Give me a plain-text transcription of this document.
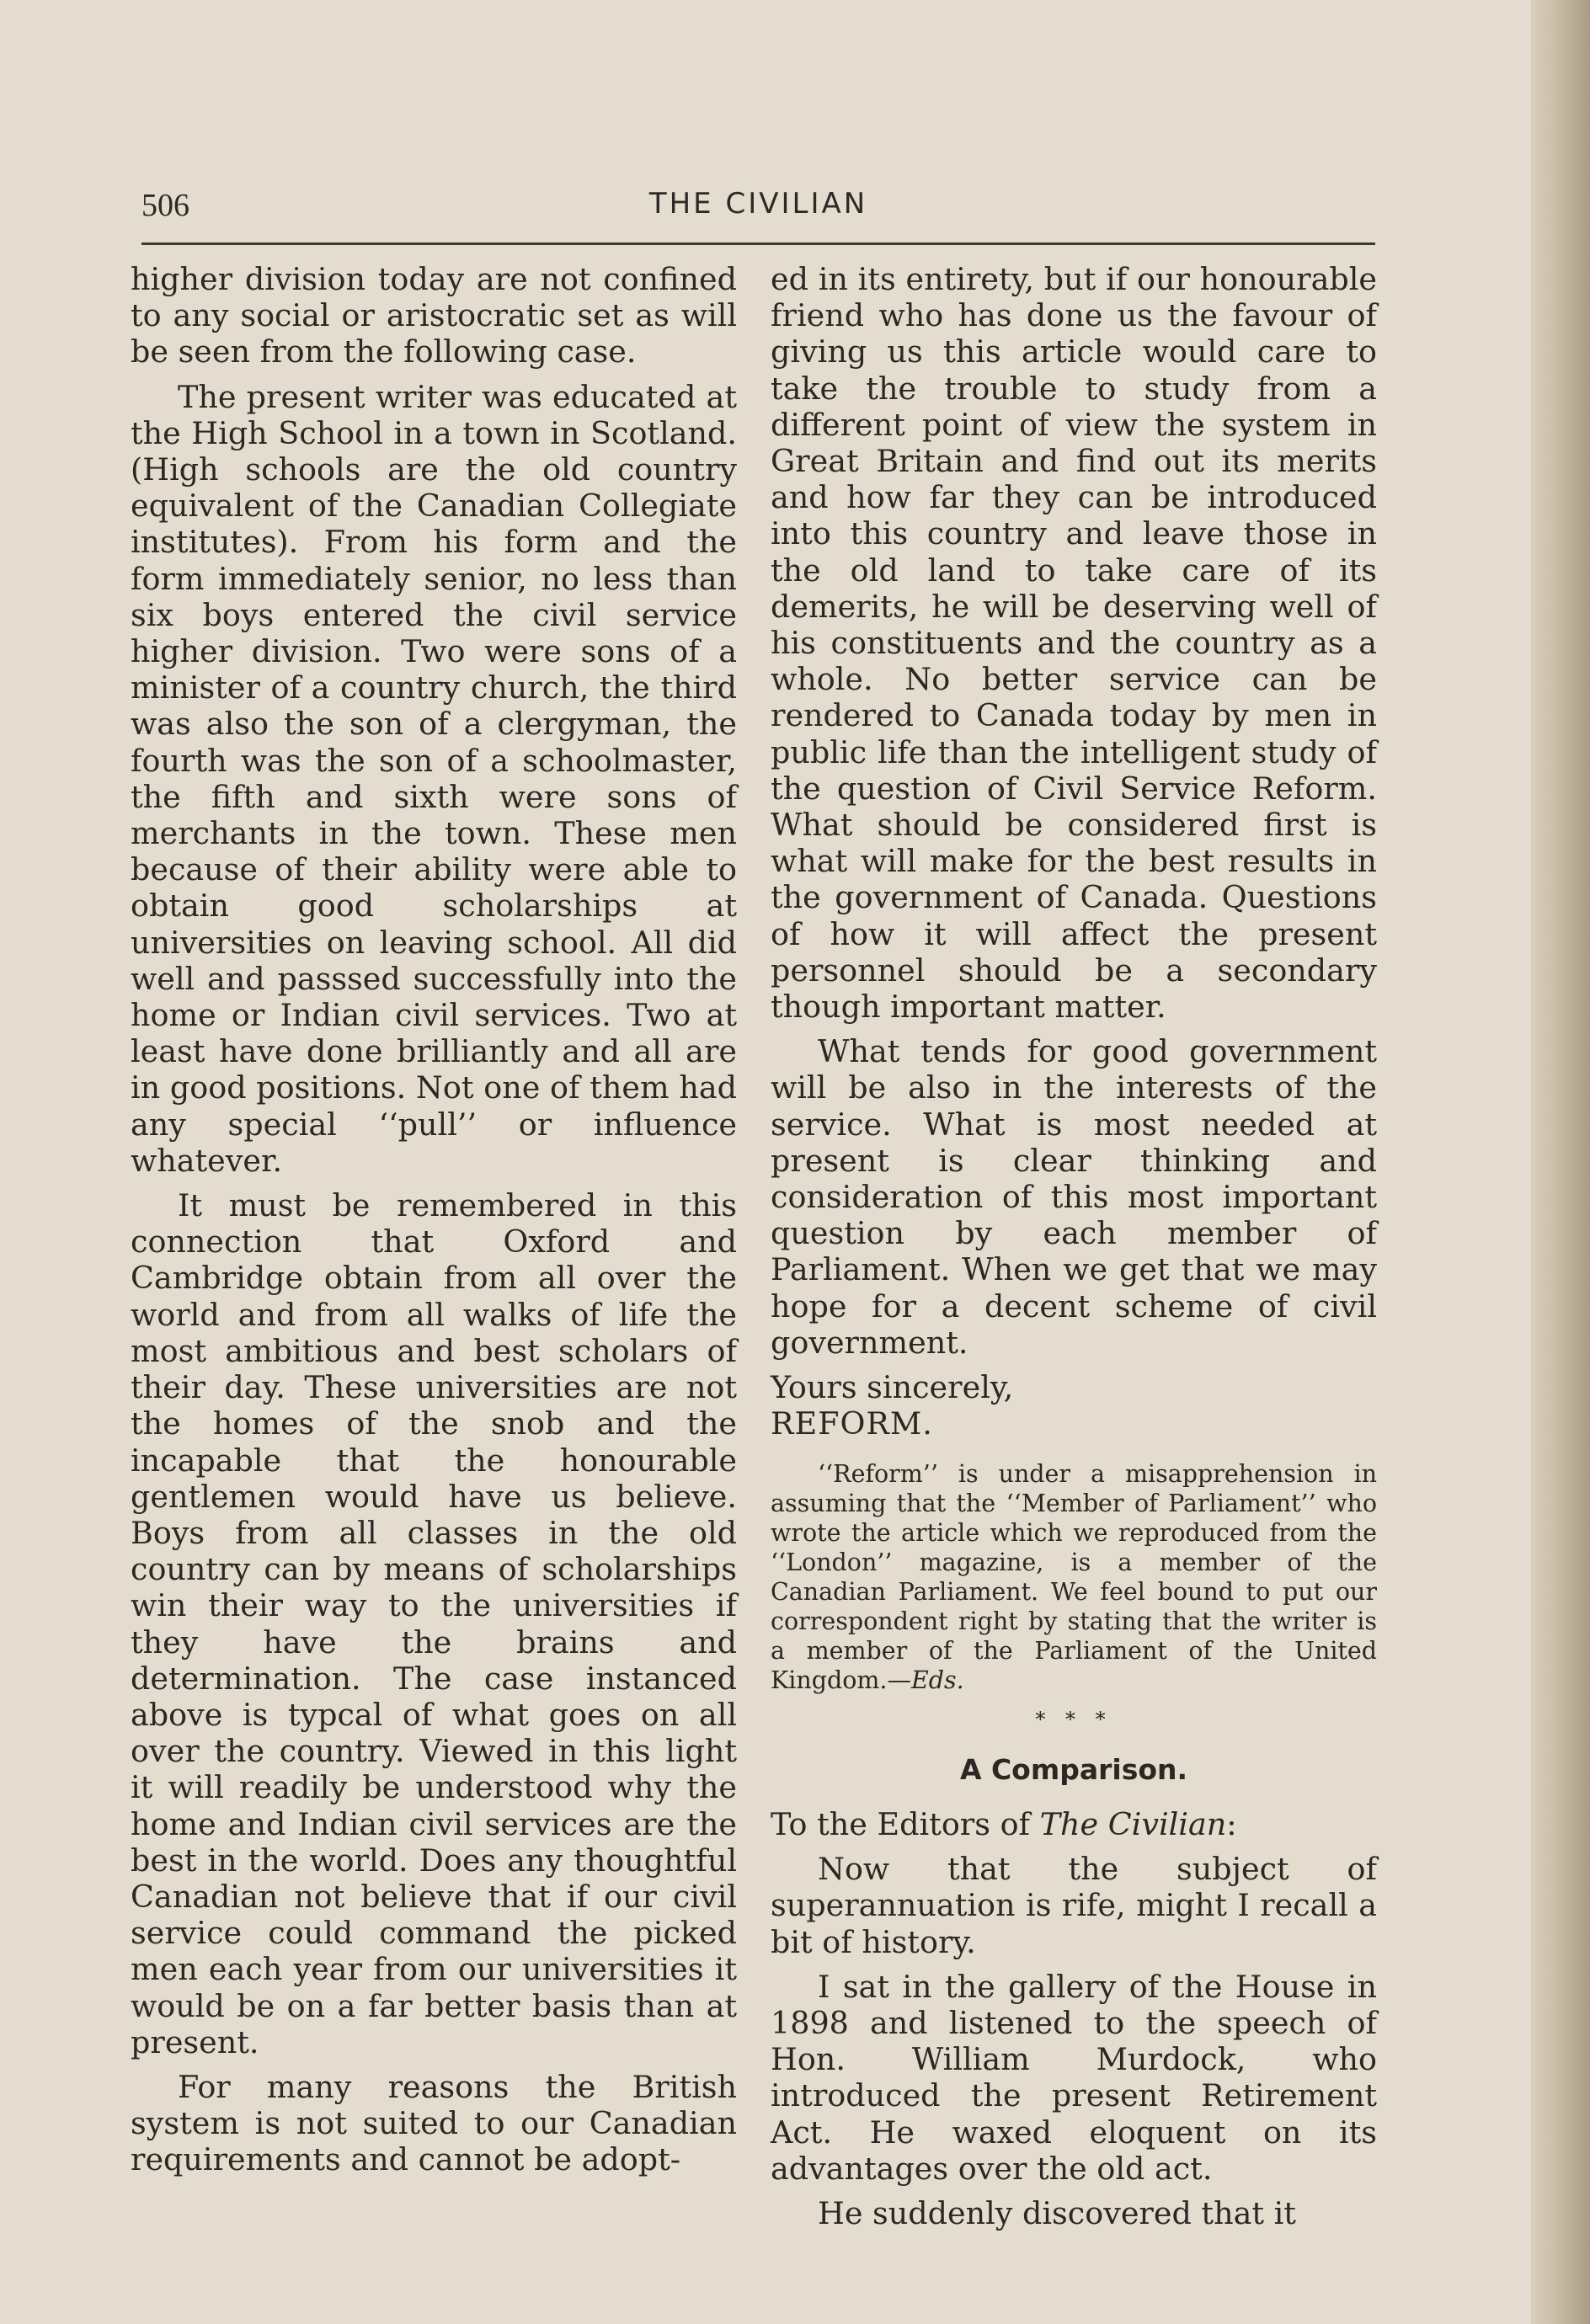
506	THE CIVILIAN

higher division today are not confined to any social or aristocratic set as will be seen from the following case.

The present writer was educated at the High School in a town in Scotland. (High schools are the old country equivalent of the Canadian Collegiate institutes). From his form and the form immediately senior, no less than six boys entered the civil service higher division. Two were sons of a minister of a country church, the third was also the son of a clergyman, the fourth was the son of a schoolmaster, the fifth and sixth were sons of merchants in the town. These men because of their ability were able to obtain good scholarships at universities on leaving school. All did well and passsed successfully into the home or Indian civil services. Two at least have done brilliantly and all are in good positions. Not one of them had any special ‘‘pull’’ or influence whatever.

It must be remembered in this connection that Oxford and Cambridge obtain from all over the world and from all walks of life the most ambitious and best scholars of their day. These universities are not the homes of the snob and the incapable that the honourable gentlemen would have us believe. Boys from all classes in the old country can by means of scholarships win their way to the universities if they have the brains and determination. The case instanced above is typcal of what goes on all over the country. Viewed in this light it will readily be understood why the home and Indian civil services are the best in the world. Does any thoughtful Canadian not believe that if our civil service could command the picked men each year from our universities it would be on a far better basis than at present.

For many reasons the British system is not suited to our Canadian requirements and cannot be adopt-

ed in its entirety, but if our honourable friend who has done us the favour of giving us this article would care to take the trouble to study from a different point of view the system in Great Britain and find out its merits and how far they can be introduced into this country and leave those in the old land to take care of its demerits, he will be deserving well of his constituents and the country as a whole. No better service can be rendered to Canada today by men in public life than the intelligent study of the question of Civil Service Reform. What should be considered first is what will make for the best results in the government of Canada. Questions of how it will affect the present personnel should be a secondary though important matter.

What tends for good government will be also in the interests of the service. What is most needed at present is clear thinking and consideration of this most important question by each member of Parliament. When we get that we may hope for a decent scheme of civil government.

Yours sincerely,

REFORM.

‘‘Reform’’ is under a misapprehension in assuming that the ‘‘Member of Parliament’’ who wrote the article which we reproduced from the ‘‘London’’ magazine, is a member of the Canadian Parliament. We feel bound to put our correspondent right by stating that the writer is a member of the Parliament of the United Kingdom.—Eds.

* * *
A Comparison.

To the Editors of The Civilian:

Now that the subject of superannuation is rife, might I recall a bit of history.

I sat in the gallery of the House in 1898 and listened to the speech of Hon. William Murdock, who introduced the present Retirement Act. He waxed eloquent on its advantages over the old act.

He suddenly discovered that it
